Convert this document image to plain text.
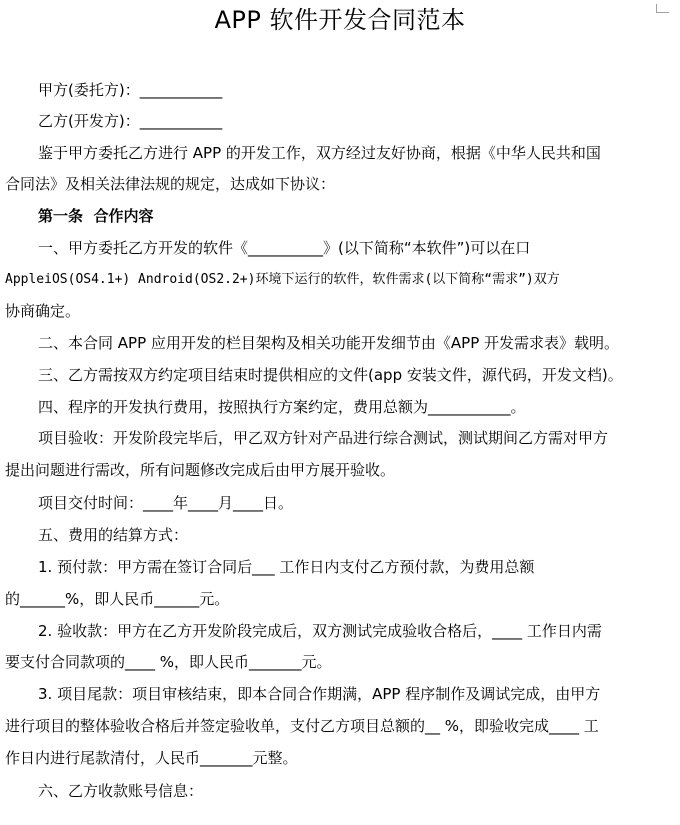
APP 软件开发合同范本
甲方(委托方)：___________
乙方(开发方)：___________
鉴于甲方委托乙方进行 APP 的开发工作，双方经过友好协商，根据《中华人民共和国
合同法》及相关法律法规的规定，达成如下协议：
第一条  合作内容
一、甲方委托乙方开发的软件《__________》(以下简称“本软件”)可以在口
AppleiOS(OS4.1+) Android(OS2.2+)环境下运行的软件，软件需求(以下简称“需求”)双方
协商确定。
二、本合同 APP 应用开发的栏目架构及相关功能开发细节由《APP 开发需求表》载明。
三、乙方需按双方约定项目结束时提供相应的文件(app 安装文件，源代码，开发文档)。
四、程序的开发执行费用，按照执行方案约定，费用总额为___________。
项目验收：开发阶段完毕后，甲乙双方针对产品进行综合测试，测试期间乙方需对甲方
提出问题进行需改，所有问题修改完成后由甲方展开验收。
项目交付时间：____年____月____日。
五、费用的结算方式：
1. 预付款：甲方需在签订合同后___ 工作日内支付乙方预付款，为费用总额
的______%，即人民币______元。
2. 验收款：甲方在乙方开发阶段完成后，双方测试完成验收合格后，____ 工作日内需
要支付合同款项的____ %，即人民币_______元。
3. 项目尾款：项目审核结束，即本合同合作期满，APP 程序制作及调试完成，由甲方
进行项目的整体验收合格后并签定验收单，支付乙方项目总额的__ %，即验收完成____ 工
作日内进行尾款清付，人民币_______元整。
六、乙方收款账号信息：
